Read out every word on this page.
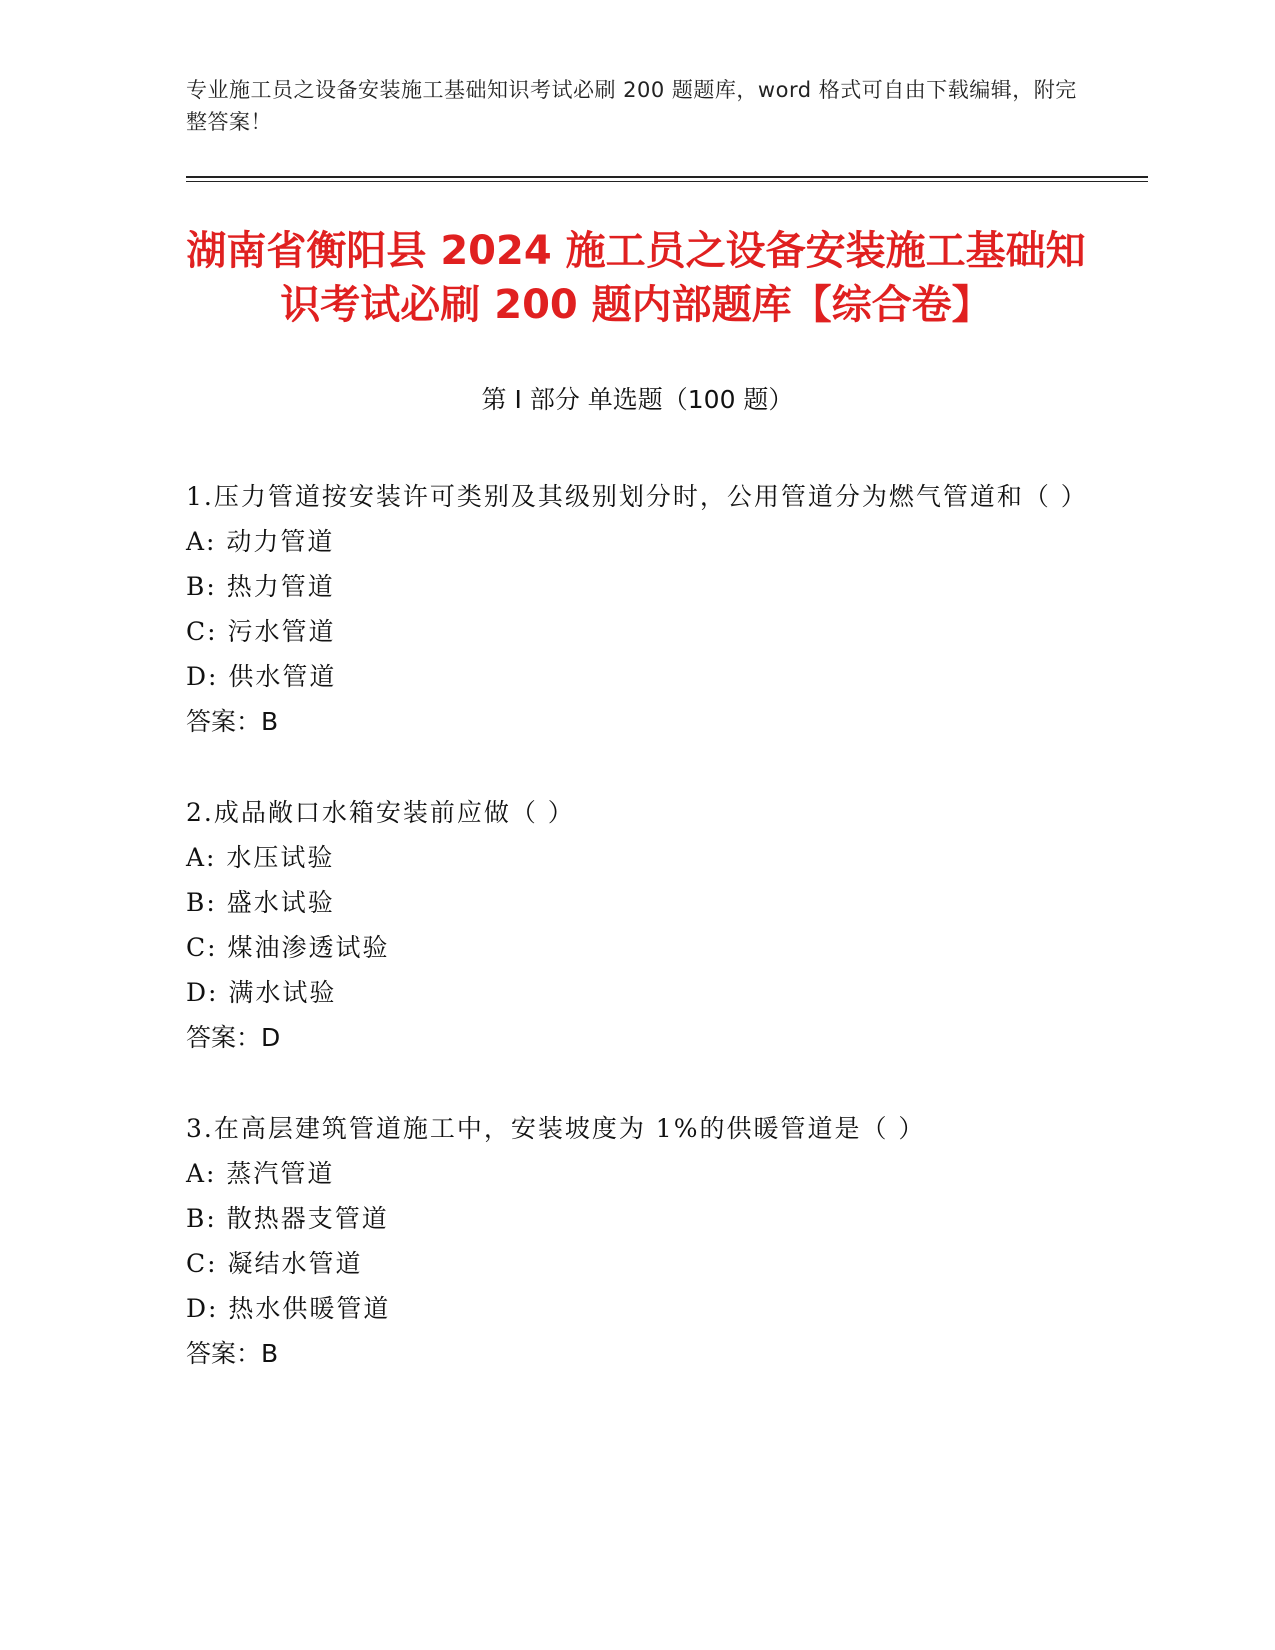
专业施工员之设备安装施工基础知识考试必刷 200 题题库，word 格式可自由下载编辑，附完整答案！
湖南省衡阳县 2024 施工员之设备安装施工基础知识考试必刷 200 题内部题库【综合卷】
第 I 部分 单选题（100 题）
1.压力管道按安装许可类别及其级别划分时，公用管道分为燃气管道和（ ）
A: 动力管道
B: 热力管道
C: 污水管道
D: 供水管道
答案：B
2.成品敞口水箱安装前应做（ ）
A: 水压试验
B: 盛水试验
C: 煤油渗透试验
D: 满水试验
答案：D
3.在高层建筑管道施工中，安装坡度为 1%的供暖管道是（ ）
A: 蒸汽管道
B: 散热器支管道
C: 凝结水管道
D: 热水供暖管道
答案：B
